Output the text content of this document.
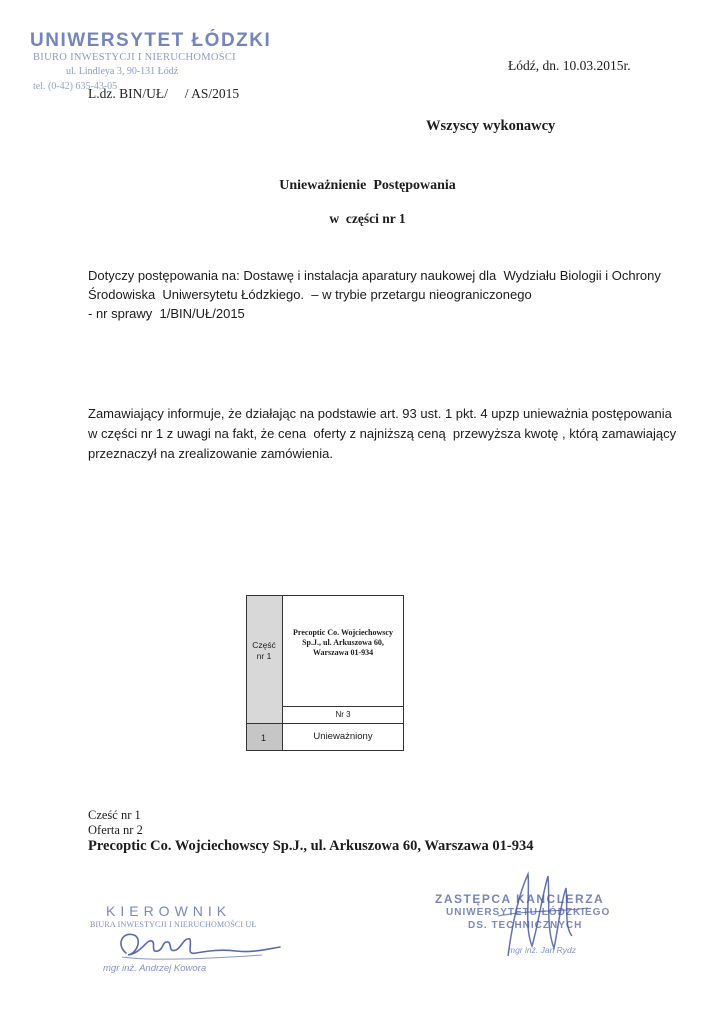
UNIWERSYTET ŁÓDZKI
BIURO INWESTYCJI I NIERUCHOMOŚCI
ul. Lindleya 3, 90-131 Łódź
tel. (0-42) 635-43-05
L.dz. BIN/UŁ/     / AS/2015
Łódź, dn. 10.03.2015r.
Wszyscy wykonawcy
Unieważnienie  Postępowania
w  części nr 1
Dotyczy postępowania na: Dostawę i instalacja aparatury naukowej dla  Wydziału Biologii i Ochrony
Środowiska  Uniwersytetu Łódzkiego.  – w trybie przetargu nieograniczonego
- nr sprawy  1/BIN/UŁ/2015
Zamawiający informuje, że działając na podstawie art. 93 ust. 1 pkt. 4 upzp unieważnia postępowania
w części nr 1 z uwagi na fakt, że cena  oferty z najniższą ceną  przewyższa kwotę , którą zamawiający
przeznaczył na zrealizowanie zamówienia.
Część
nr 1
1
Precoptic Co. Wojciechowscy
Sp.J., ul. Arkuszowa 60,
Warszawa 01-934
Nr 3
Unieważniony
Cześć nr 1
Oferta nr 2
Precoptic Co. Wojciechowscy Sp.J., ul. Arkuszowa 60, Warszawa 01-934
KIEROWNIK
BIURA INWESTYCJI I NIERUCHOMOŚCI UŁ
mgr inż. Andrzej Kowora
ZASTĘPCA KANCLERZA
UNIWERSYTETU ŁÓDZKIEGO
DS. TECHNICZNYCH
mgr inż. Jan Rydz
